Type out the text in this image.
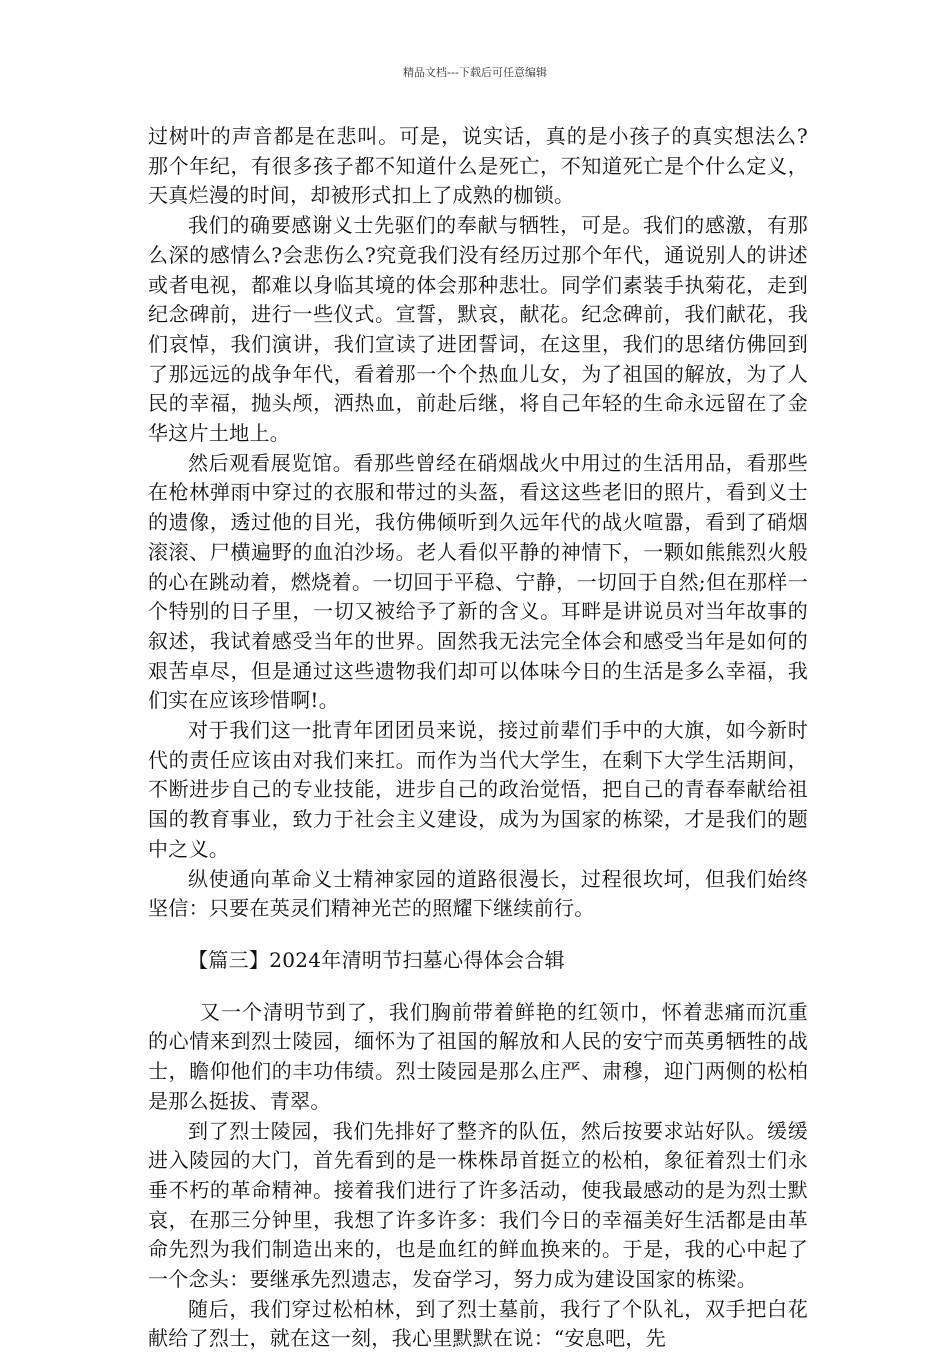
精品文档---下载后可任意编辑

过树叶的声音都是在悲叫。可是，说实话，真的是小孩子的真实想法么?那个年纪，有很多孩子都不知道什么是死亡，不知道死亡是个什么定义，天真烂漫的时间，却被形式扣上了成熟的枷锁。

我们的确要感谢义士先驱们的奉献与牺牲，可是。我们的感激，有那么深的感情么?会悲伤么?究竟我们没有经历过那个年代，通说别人的讲述或者电视，都难以身临其境的体会那种悲壮。同学们素装手执菊花，走到纪念碑前，进行一些仪式。宣誓，默哀，献花。纪念碑前，我们献花，我们哀悼，我们演讲，我们宣读了进团誓词，在这里，我们的思绪仿佛回到了那远远的战争年代，看着那一个个热血儿女，为了祖国的解放，为了人民的幸福，抛头颅，洒热血，前赴后继，将自己年轻的生命永远留在了金华这片土地上。

然后观看展览馆。看那些曾经在硝烟战火中用过的生活用品，看那些在枪林弹雨中穿过的衣服和带过的头盔，看这这些老旧的照片，看到义士的遗像，透过他的目光，我仿佛倾听到久远年代的战火喧嚣，看到了硝烟滚滚、尸横遍野的血泊沙场。老人看似平静的神情下，一颗如熊熊烈火般的心在跳动着，燃烧着。一切回于平稳、宁静，一切回于自然;但在那样一个特别的日子里，一切又被给予了新的含义。耳畔是讲说员对当年故事的叙述，我试着感受当年的世界。固然我无法完全体会和感受当年是如何的艰苦卓尽，但是通过这些遗物我们却可以体味今日的生活是多么幸福，我们实在应该珍惜啊!。

对于我们这一批青年团团员来说，接过前辈们手中的大旗，如今新时代的责任应该由对我们来扛。而作为当代大学生，在剩下大学生活期间，不断进步自己的专业技能，进步自己的政治觉悟，把自己的青春奉献给祖国的教育事业，致力于社会主义建设，成为为国家的栋梁，才是我们的题中之义。

纵使通向革命义士精神家园的道路很漫长，过程很坎坷，但我们始终坚信：只要在英灵们精神光芒的照耀下继续前行。

【篇三】2024年清明节扫墓心得体会合辑

又一个清明节到了，我们胸前带着鲜艳的红领巾，怀着悲痛而沉重的心情来到烈士陵园，缅怀为了祖国的解放和人民的安宁而英勇牺牲的战士，瞻仰他们的丰功伟绩。烈士陵园是那么庄严、肃穆，迎门两侧的松柏是那么挺拔、青翠。

到了烈士陵园，我们先排好了整齐的队伍，然后按要求站好队。缓缓进入陵园的大门，首先看到的是一株株昂首挺立的松柏，象征着烈士们永垂不朽的革命精神。接着我们进行了许多活动，使我最感动的是为烈士默哀，在那三分钟里，我想了许多许多：我们今日的幸福美好生活都是由革命先烈为我们制造出来的，也是血红的鲜血换来的。于是，我的心中起了一个念头：要继承先烈遗志，发奋学习，努力成为建设国家的栋梁。

随后，我们穿过松柏林，到了烈士墓前，我行了个队礼，双手把白花献给了烈士，就在这一刻，我心里默默在说：“安息吧，先
